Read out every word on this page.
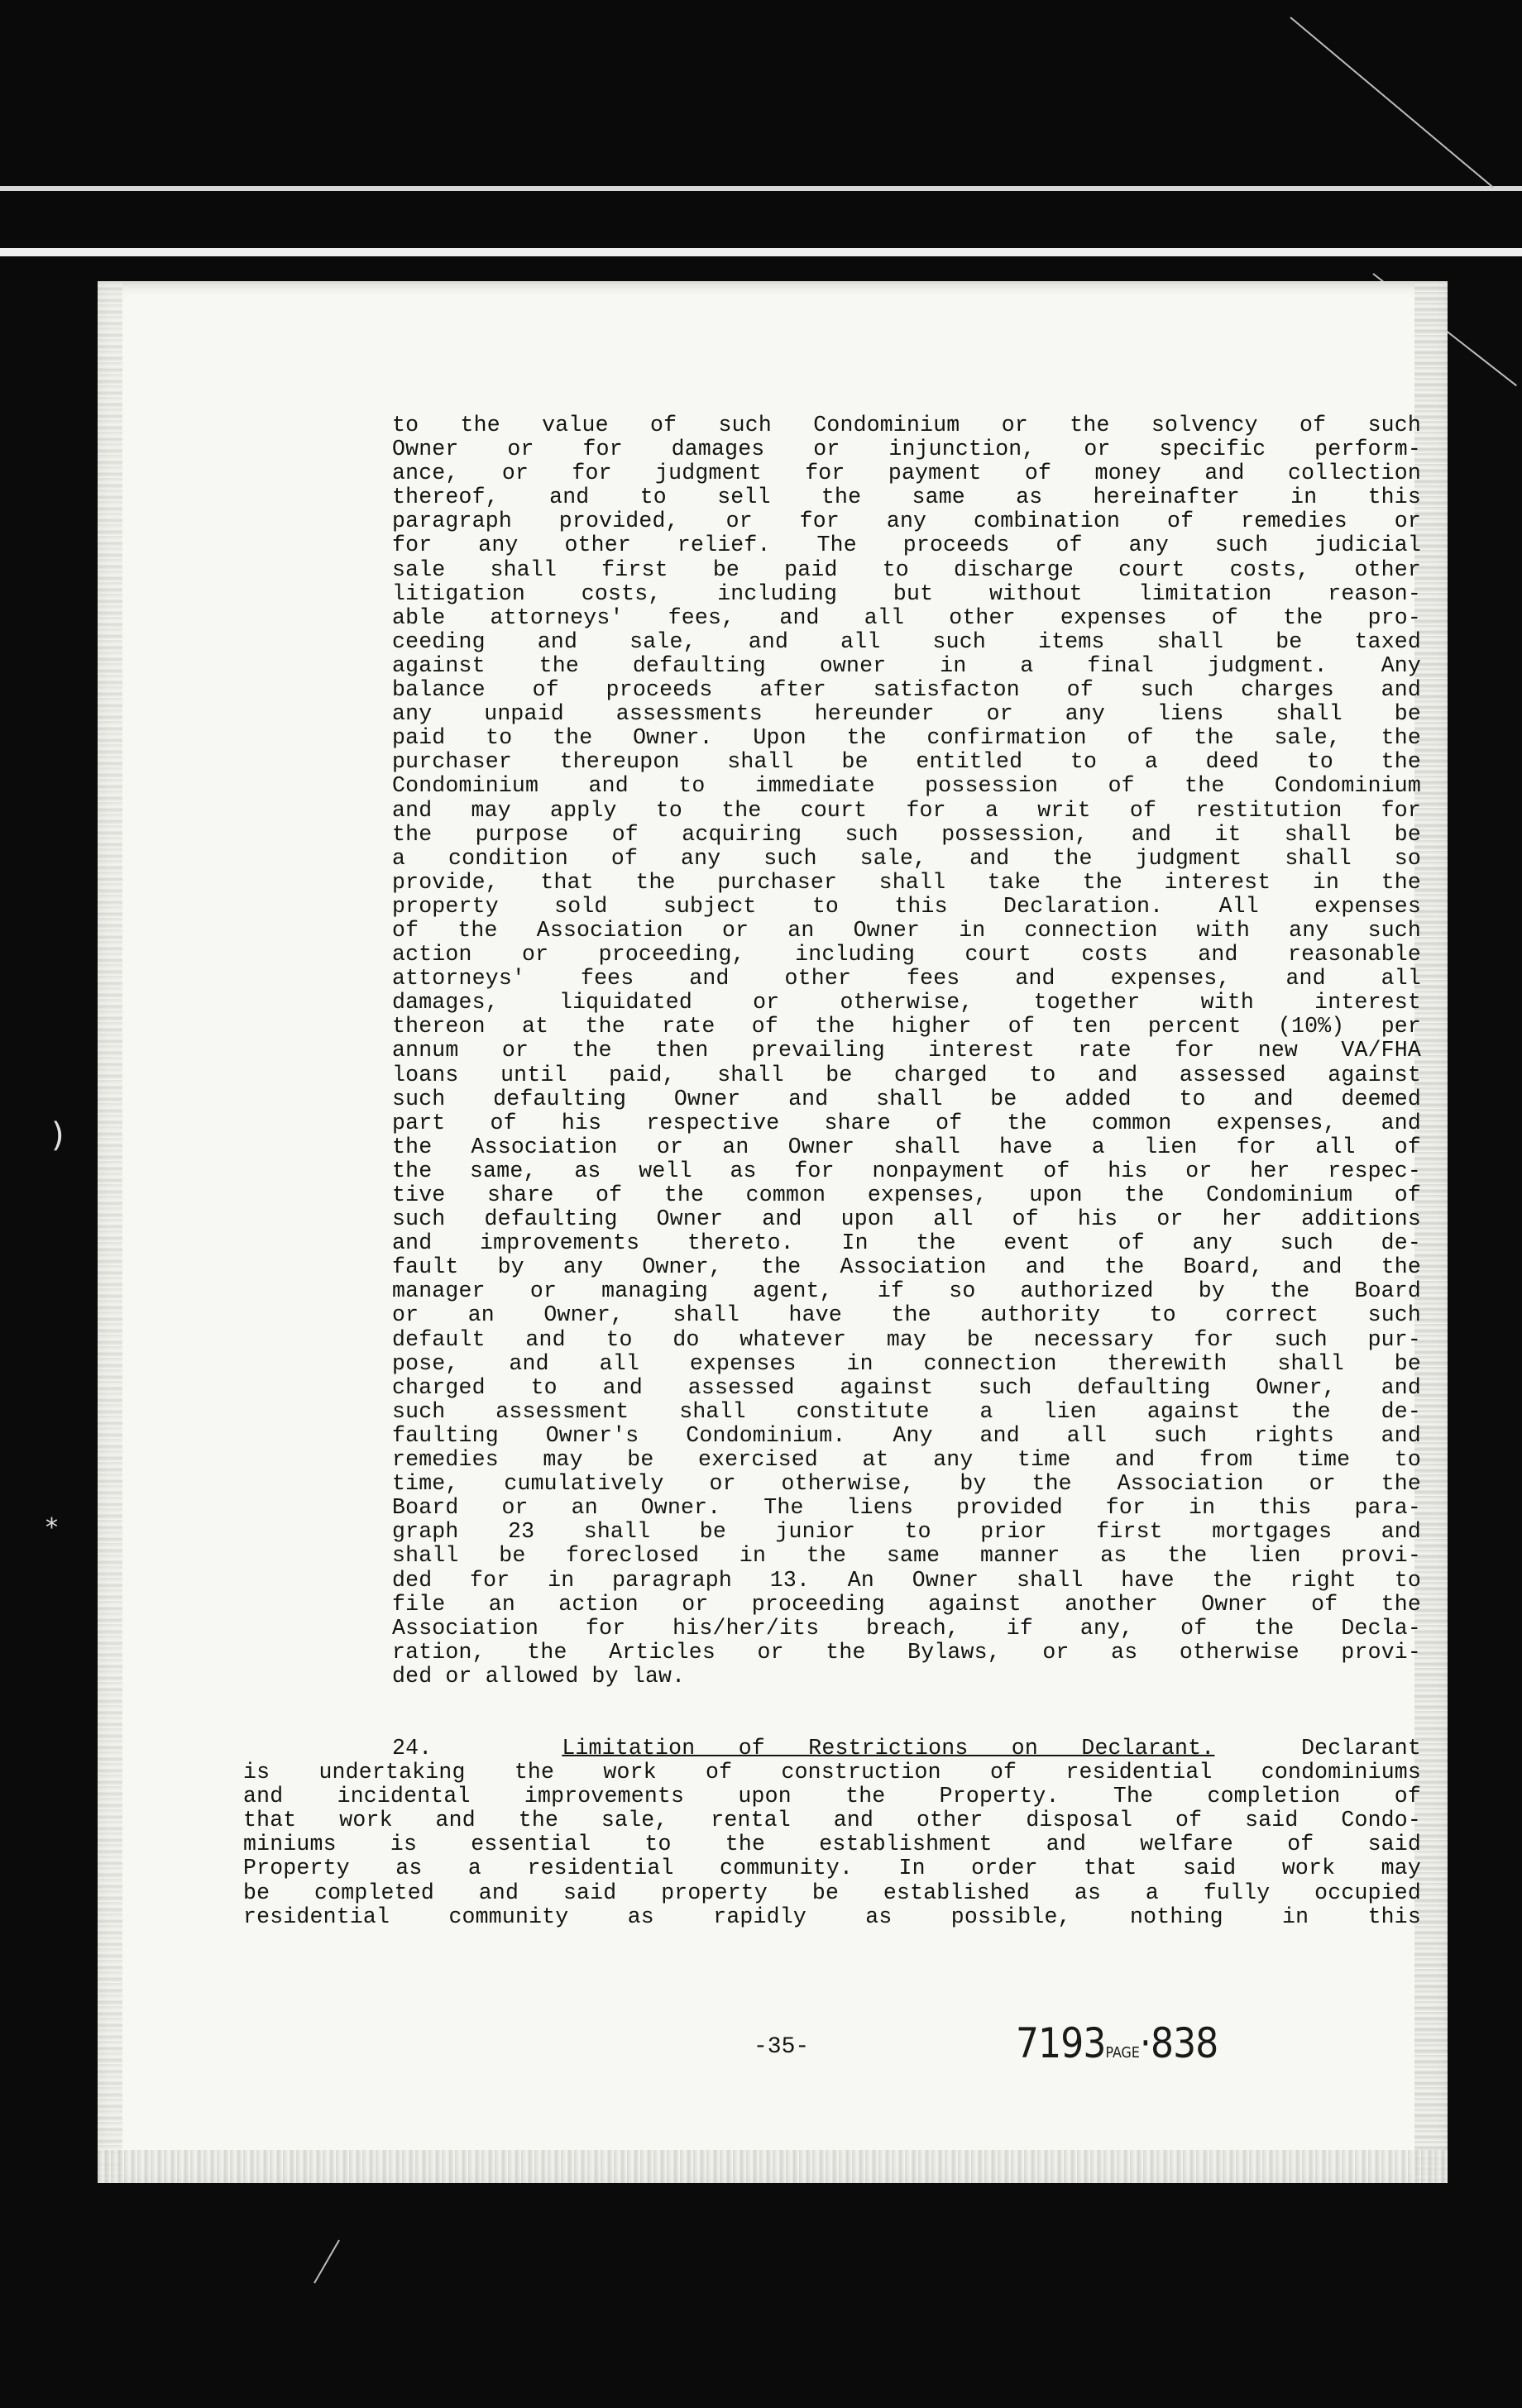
)
*
to the value of such Condominium or the solvency of such
Owner or for damages or injunction, or specific perform-
ance, or for judgment for payment of money and collection
thereof, and to sell the same as hereinafter in this
paragraph provided, or for any combination of remedies or
for any other relief. The proceeds of any such judicial
sale shall first be paid to discharge court costs, other
litigation costs, including but without limitation reason-
able attorneys' fees, and all other expenses of the pro-
ceeding and sale, and all such items shall be taxed
against the defaulting owner in a final judgment. Any
balance of proceeds after satisfacton of such charges and
any unpaid assessments hereunder or any liens shall be
paid to the Owner. Upon the confirmation of the sale, the
purchaser thereupon shall be entitled to a deed to the
Condominium and to immediate possession of the Condominium
and may apply to the court for a writ of restitution for
the purpose of acquiring such possession, and it shall be
a condition of any such sale, and the judgment shall so
provide, that the purchaser shall take the interest in the
property sold subject to this Declaration. All expenses
of the Association or an Owner in connection with any such
action or proceeding, including court costs and reasonable
attorneys' fees and other fees and expenses, and all
damages, liquidated or otherwise, together with interest
thereon at the rate of the higher of ten percent (10%) per
annum or the then prevailing interest rate for new VA/FHA
loans until paid, shall be charged to and assessed against
such defaulting Owner and shall be added to and deemed
part of his respective share of the common expenses, and
the Association or an Owner shall have a lien for all of
the same, as well as for nonpayment of his or her respec-
tive share of the common expenses, upon the Condominium of
such defaulting Owner and upon all of his or her additions
and improvements thereto. In the event of any such de-
fault by any Owner, the Association and the Board, and the
manager or managing agent, if so authorized by the Board
or an Owner, shall have the authority to correct such
default and to do whatever may be necessary for such pur-
pose, and all expenses in connection therewith shall be
charged to and assessed against such defaulting Owner, and
such assessment shall constitute a lien against the de-
faulting Owner's Condominium. Any and all such rights and
remedies may be exercised at any time and from time to
time, cumulatively or otherwise, by the Association or the
Board or an Owner. The liens provided for in this para-
graph 23 shall be junior to prior first mortgages and
shall be foreclosed in the same manner as the lien provi-
ded for in paragraph 13. An Owner shall have the right to
file an action or proceeding against another Owner of the
Association for his/her/its breach, if any, of the Decla-
ration, the Articles or the Bylaws, or as otherwise provi-
ded or allowed by law.
24.	Limitation of Restrictions on Declarant.	Declarant
is undertaking the work of construction of residential condominiums
and incidental improvements upon the Property. The completion of
that work and the sale, rental and other disposal of said Condo-
miniums is essential to the establishment and welfare of said
Property as a residential community. In order that said work may
be completed and said property be established as a fully occupied
residential community as rapidly as possible, nothing in this
-35-	7193PAGE·838
